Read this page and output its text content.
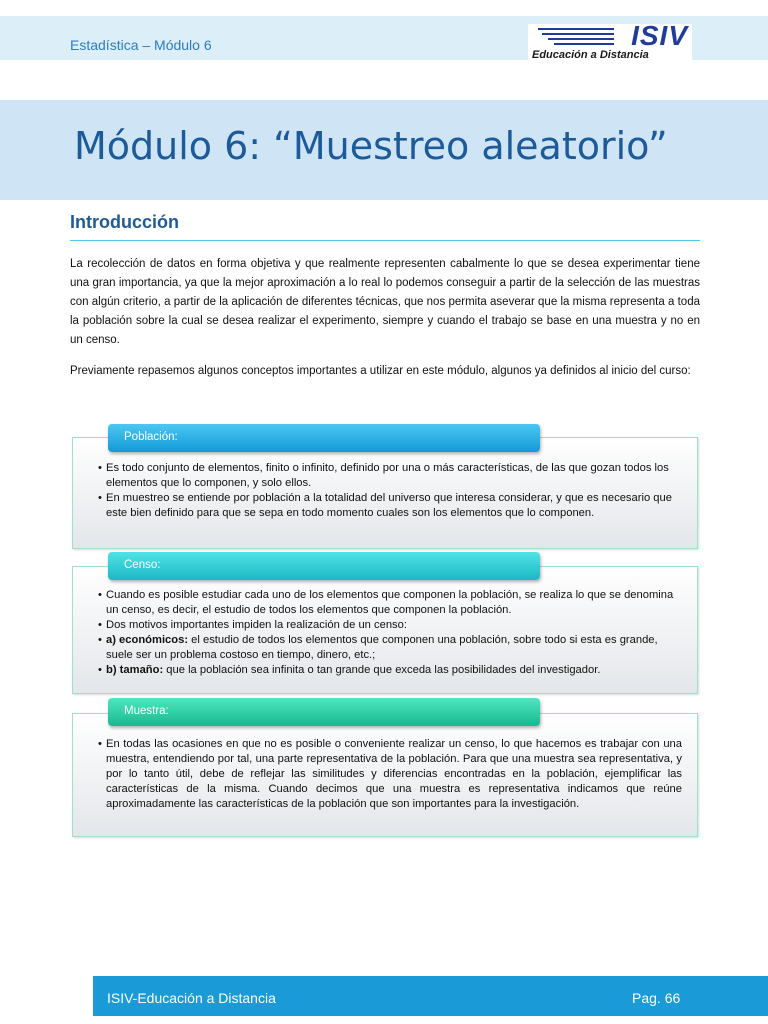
Estadística – Módulo 6	ISIV
Educación a Distancia
Módulo 6: “Muestreo aleatorio”
Introducción
La recolección de datos en forma objetiva y que realmente representen cabalmente lo que se desea experimentar tiene una gran importancia, ya que la mejor aproximación a lo real lo podemos conseguir a partir de la selección de las muestras con algún criterio, a partir de la aplicación de diferentes técnicas, que nos permita aseverar que la misma representa a toda la población sobre la cual se desea realizar el experimento, siempre y cuando el trabajo se base en una muestra y no en un censo.
Previamente repasemos algunos conceptos importantes a utilizar en este módulo, algunos ya definidos al inicio del curso:
Población:
• Es todo conjunto de elementos, finito o infinito, definido por una o más características, de las que gozan todos los elementos que lo componen, y solo ellos.
• En muestreo se entiende por población a la totalidad del universo que interesa considerar, y que es necesario que este bien definido para que se sepa en todo momento cuales son los elementos que lo componen.
Censo:
• Cuando es posible estudiar cada uno de los elementos que componen la población, se realiza lo que se denomina un censo, es decir, el estudio de todos los elementos que componen la población.
• Dos motivos importantes impiden la realización de un censo:
• a) económicos: el estudio de todos los elementos que componen una población, sobre todo si esta es grande, suele ser un problema costoso en tiempo, dinero, etc.;
• b) tamaño: que la población sea infinita o tan grande que exceda las posibilidades del investigador.
Muestra:
• En todas las ocasiones en que no es posible o conveniente realizar un censo, lo que hacemos es trabajar con una muestra, entendiendo por tal, una parte representativa de la población. Para que una muestra sea representativa, y por lo tanto útil, debe de reflejar las similitudes y diferencias encontradas en la población, ejemplificar las características de la misma. Cuando decimos que una muestra es representativa indicamos que reúne aproximadamente las características de la población que son importantes para la investigación.
ISIV-Educación a Distancia	Pag. 66
